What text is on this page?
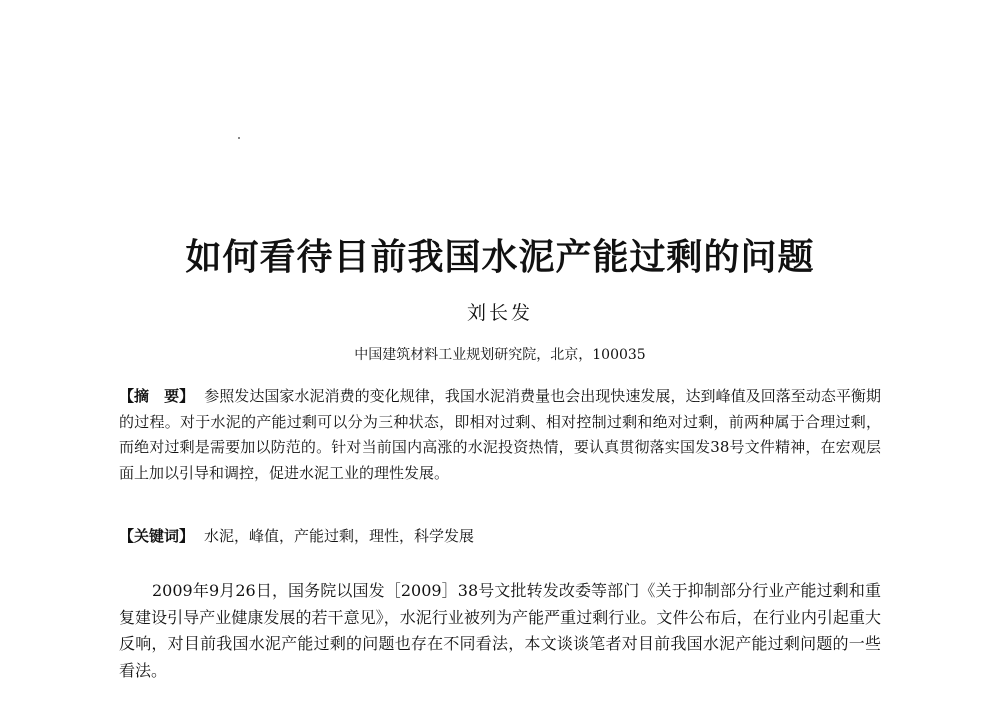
如何看待目前我国水泥产能过剩的问题
刘长发
中国建筑材料工业规划研究院，北京，100035

【摘　要】 参照发达国家水泥消费的变化规律，我国水泥消费量也会出现快速发展，达到峰值及回落至动态平衡期的过程。对于水泥的产能过剩可以分为三种状态，即相对过剩、相对控制过剩和绝对过剩，前两种属于合理过剩，而绝对过剩是需要加以防范的。针对当前国内高涨的水泥投资热情，要认真贯彻落实国发38号文件精神，在宏观层面上加以引导和调控，促进水泥工业的理性发展。

【关键词】 水泥，峰值，产能过剩，理性，科学发展

2009年9月26日，国务院以国发［2009］38号文批转发改委等部门《关于抑制部分行业产能过剩和重复建设引导产业健康发展的若干意见》，水泥行业被列为产能严重过剩行业。文件公布后，在行业内引起重大反响，对目前我国水泥产能过剩的问题也存在不同看法，本文谈谈笔者对目前我国水泥产能过剩问题的一些看法。
